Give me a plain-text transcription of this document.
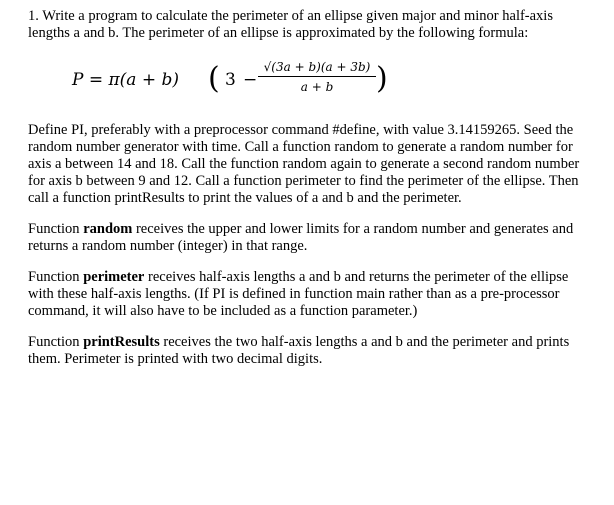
1. Write a program to calculate the perimeter of an ellipse given major and minor half-axis lengths a and b. The perimeter of an ellipse is approximated by the following formula:

P = π(a + b) ( $3 - \frac{√(3a + b)(a + 3b)}{a + b}$ )

Define PI, preferably with a preprocessor command #define, with value 3.14159265. Seed the random number generator with time. Call a function random to generate a random number for axis a between 14 and 18. Call the function random again to generate a second random number for axis b between 9 and 12. Call a function perimeter to find the perimeter of the ellipse. Then call a function printResults to print the values of a and b and the perimeter.

Function random receives the upper and lower limits for a random number and generates and returns a random number (integer) in that range.

Function perimeter receives half-axis lengths a and b and returns the perimeter of the ellipse with these half-axis lengths. (If PI is defined in function main rather than as a pre-processor command, it will also have to be included as a function parameter.)

Function printResults receives the two half-axis lengths a and b and the perimeter and prints them. Perimeter is printed with two decimal digits.
